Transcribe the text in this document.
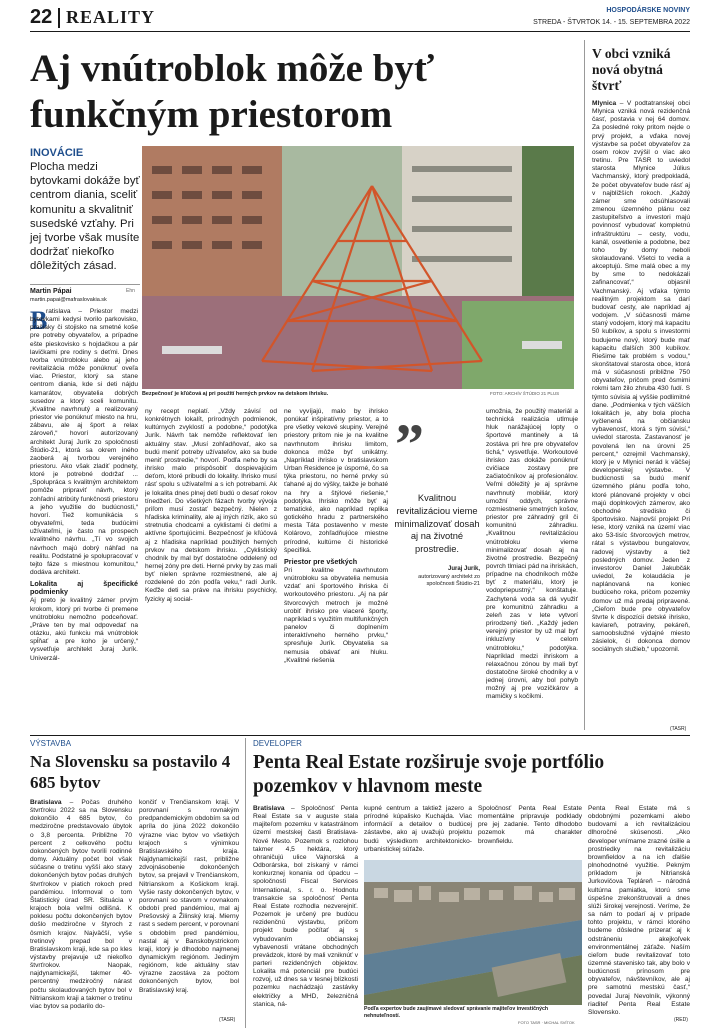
22 REALITY	HOSPODÁRSKE NOVINY
STREDA - ŠTVRTOK 14. - 15. SEPTEMBRA 2022
Aj vnútroblok môže byť funkčným priestorom
INOVÁCIE
Plocha medzi bytovkami dokáže byť centrom diania, sceliť komunitu a skvalitniť susedské vzťahy. Pri jej tvorbe však musíte dodržať niekoľko dôležitých zásad.
Martin Pápai	Ehn
martin.papai@mafraslovakia.sk
Bezpečnosť je kľúčová aj pri použití herných prvkov na detskom ihrisku.	FOTO: ARCHÍV ŠTÚDIO 21 PLUS
V obci vzniká nová obytná štvrť
Mlynica – V podtatranskej obci Mlynica vzniká nová rezidenčná časť, postavia v nej 64 domov. Za posledné roky pritom nejde o prvý projekt, a vďaka novej výstavbe sa počet obyvateľov za osem rokov zvýšil o viac ako tretinu. Pre TASR to uviedol starosta Mlynice Július Vachmanský, ktorý predpokladá, že počet obyvateľov bude rásť aj v najbližších rokoch. „Každý zámer sme odsúhlasovali zmenou územného plánu cez zastupiteľstvo a investori majú povinnosť vybudovať kompletnú infraštruktúru – cesty, vodu, kanál, osvetlenie a podobne, bez toho by domy neboli skolaudované. Všetci to vedia a akceptujú. Sme malá obec a my by sme to nedokázali zafinancovať,“ objasnil Vachmanský. Aj vďaka týmto realitným projektom sa darí budovať cesty, ale napríklad aj vodojem. „V súčasnosti máme staný vodojem, ktorý má kapacitu 50 kubíkov, a spolu s investormi budujeme nový, ktorý bude mať kapacitu ďalších 300 kubíkov. Riešime tak problém s vodou,“ skonštatoval starosta obce, ktorá má v súčasnosti približne 750 obyvateľov, pričom pred ôsmimi rokmi tam žilo zhruba 430 ľudí. S týmto súvisia aj vyššie podlimitné dane. „Podmienka v tých väčších lokalitách je, aby bola plocha vyčlenená na občiansku vybavenosť, ktorá s tým súvisí,“ uviedol starosta. Zastavanosť je povolená len na úrovni 25 percent,“ ozrejmil Vachmanský, ktorý je v Mlynici nerád k väčšej developerskej výstavbe. V budúcnosti sa budú meniť územného plánu podľa toho, ktoré plánované projekty v obci majú doplnkových zámerov, ako obchodné stredisko či športovisko. Najnovší projekt Pri lese, ktorý vzniká na území viac ako 53-tisíc štvorcových metrov, rátal s výstavbou bungalovov, radovej výstavby a tiež posledných domov. Jeden z investorov Daniel Jakubčák uviedol, že kolaudácia je naplánovaná na koniec budúceho roka, pričom pozemky domov už má predaj pripravené. „Cieľom bude pre obyvateľov štvrte k dispozícii detské ihrisko, kaviareň, potraviny, pekáreň, samoobslužné výdajné miesto zásielok, či dokonca domov sociálnych služieb,“ upozornil.
(TASR)
B
ratislava – Priestor medzi bytovkami kedysi tvorilo parkovisko, prašiaky či stojisko na smetné koše pre potreby obyvateľov, a prípadne ešte pieskovisko s hojdačkou a pár lavičkami pre rodiny s deťmi. Dnes tvorba vnútrobloku alebo aj jeho revitalizácia môže ponúknuť oveľa viac. Priestor, ktorý sa stane centrom diania, kde si deti nájdu kamarátov, obyvatelia dobrých susedov a ktorý sceli komunitu. „Kvalitne navrhnutý a realizovaný priestor vie ponúknuť miesto na hru, zábavu, ale aj šport a relax zároveň,“ hovorí autorizovaný architekt Juraj Jurík zo spoločnosti Štúdio-21, ktorá sa okrem iného zaoberá aj tvorbou verejného priestoru. Ako však zladiť podnety, ktoré je potrebné dodržať ... „Spolupráca s kvalitným architektom pomôže pripraviť návrh, ktorý zohľadní atribúty funkčnosti priestoru a jeho využitie do budúcnosti,“ hovorí. Tiež komunikácia s obyvateľmi, teda budúcimi užívateľmi, je často na prospech kvalitného návrhu. „Tí vo svojich návrhoch majú dobrý náhľad na realitu. Podstatné je spolupracovať v tejto fáze s miestnou komunitou,“ dodáva architekt.
Lokalita aj špecifické podmienky
Aj preto je kvalitný zámer prvým krokom, ktorý pri tvorbe či premene vnútrobloku nemožno podceňovať. „Práve ten by mal odpovedať na otázku, akú funkciu má vnútroblok spĺňať a pre koho je určený,“ vysvetľuje architekt Juraj Jurík. Univerzál-
ny recept neplatí. „Vždy závisí od konkrétnych lokalít, prírodných podmienok, kultúrnych zvyklostí a podobne,“ podotýka Jurík. Návrh tak nemôže reflektovať len aktuálny stav. „Musí zohľadňovať, ako sa budú meniť potreby užívateľov, ako sa bude meniť prostredie,“ hovorí. Podľa neho by sa ihrisko malo prispôsobiť dospievajúcim deťom, ktoré pribudli do lokality. Ihrisko musí rásť spolu s užívateľmi a s ich potrebami. Ak je lokalita dnes plnej detí budú o desať rokov tínedžeri. Do všetkých fázach tvorby vývoja priľom musí zostať bezpečný. Nielen z hľadiska kriminality, ale aj iných rizík, ako sú stretnutia chodcami a cyklistami či deťmi a aktívne športujúcimi. Bezpečnosť je kľúčová aj z hľadiska napríklad použitých herných prvkov na detskom ihrisku. „Cyklistický chodník by mal byť dostatočne oddelený od hernej zóny pre deti. Herné prvky by zas mali byť nielen správne rozmiestnené, ale aj rozdelené do zón podľa veku,“ radí Jurík. Keďže deti sa práve na ihrisku psychicky, fyzicky aj social-
ne vyvíjajú, malo by ihrisko ponúkať inšpiratívny priestor, a to pre všetky vekové skupiny. Verejné priestory pritom nie je na kvalitne navrhnutom ihrisku limitom, dokonca môže byť unikátny. „Napríklad ihrisko v bratislavskom Urban Residence je úsporné, čo sa týka priestoru, no herné prvky sú ťahané aj do výšky, takže je bohaté na hry a štýlové riešenie,“ podotýka. Ihrisko môže byť aj tematické, ako napríklad replika gotického hradu z partnerského mesta Táta postavenho v meste Kolárovo, zohľadňujúce miestne prírodné, kultúrne či historické špecifiká.
Priestor pre všetkých
Pri kvalitne navrhnutom vnútrobloku sa obyvatelia nemusia vzdať ani športového ihriska či workoutového priestoru. „Aj na pár štvorcových metroch je možné urobiť ihrisko pre viaceré športy, napríklad s využitím multifunkčných panelov či doplnením interaktívneho herného prvku,“ spresňuje Jurík. Obyvatelia sa nemusia obávať ani hluku. „Kvalitné riešenia
”
Kvalitnou revitalizáciou vieme minimalizovať dosah aj na životné prostredie.
Juraj Jurík,
autorizovaný architekt zo spoločnosti Štúdio-21
umožnia, že použitý materiál a technická realizácia utlmuje hluk narážajúcej lopty o športové mantinely a tá zostáva pri hre pre obyvateľov tichá,“ vysvetľuje. Workoutové ihrisko zas dokáže ponúknuť cvičiace zostavy pre začiatočníkov aj profesionálov. Veľmi dôležitý je aj správne navrhnutý mobiliár, ktorý umožní oddych, správne rozmiestnenie smetných košov, priestor pre záhradný gril či komunitnú záhradku. „Kvalitnou revitalizáciou vnútrobloku vieme minimalizovať dosah aj na životné prostredie. Bezpečný povrch tlmiaci pád na ihriskách, prípadne na chodníkoch môže byť z materiálu, ktorý je vodopriepustný,“ konštatuje. Zachytená voda sa dá využiť pre komunitnú záhradku a zeleň zas v lete vytvorí prirodzený tieň. „Každý jeden verejný priestor by už mal byť inkluzívny v celom vnútrobloku,“ podotýka. Napríklad medzi ihriskom a relaxačnou zónou by mali byť dostatočne široké chodníky a v jednej úrovni, aby bol pohyb možný aj pre vozíčkárov a mamičky s kočíkmi.
VÝSTAVBA
Na Slovensku sa postavilo 4 685 bytov
Bratislava – Počas druhého štvrťroku 2022 sa na Slovensku dokončilo 4 685 bytov, čo medziročne predstavovalo úbytok o 3,8 percenta. Približne 70 percent z celkového počtu dokončených bytov tvorili rodinné domy. Aktuálny počet bol však súčasne o tretinu vyšší ako stavy dokončených bytov počas druhých štvrťrokov v piatich rokoch pred pandémiou. Informoval o tom Štatistický úrad SR. Situácia v krajoch bola veľmi odlišná. K poklesu počtu dokončených bytov došlo medziročne v štyroch z ôsmich krajov. Najväčší, vyše tretinový prepad bol v Bratislavskom kraji, kde sa po kles výstavby prejavuje už niekoľko štvrťrokov. Naopak, najdynamickejší, takmer 40-percentný medziročný nárast počtu skolaudovaných bytov bol v Nitrianskom kraji a takmer o tretinu viac bytov sa podarilo do-
končiť v Trenčianskom kraji. V porovnaní s rovnakým predpandemickým obdobím sa od apríla do júna 2022 dokončilo výrazne viac bytov vo všetkých krajoch s výnimkou Bratislavského kraja. Najdynamickejší rast, približne zdvojnásobenie dokončených bytov, sa prejavil v Trenčianskom, Nitrianskom a Košickom kraji. Vyšie rasty dokončených bytov, v porovnaní so stavom v rovnakom období pred pandémiou, mal aj Prešovský a Žilinský kraj. Mierny rast s sedem percent, v porovnaní s obdobím pred pandémiou, nastal aj v Banskobystrickom kraji, ktorý je dlhodobo najmenej dynamickým regiónom. Jediným regiónom, kde aktuálny stav výrazne zaostáva za počtom dokončených bytov, bol Bratislavský kraj.
(TASR)
DEVELOPER
Penta Real Estate rozširuje svoje portfólio pozemkov v hlavnom meste
Bratislava – Spoločnosť Penta Real Estate sa v auguste stala majiteľom pozemku v katastrálnom území mestskej časti Bratislava-Nové Mesto. Pozemok s rozlohou takmer 4,5 hektára, ktorý ohraničujú ulice Vajnorská a Odborárska, bol získaný v rámci konkurznej konania od úpadcu – spoločnosti Fiscal Services International, s. r. o. Hodnotu transakcie sa spoločnosť Penta Real Estate rozhodla nezverejniť. Pozemok je určený pre budúcu rezidenčnú výstavbu, pričom projekt bude počítať aj s vybudovaním občianskej vybavenosti vrátane obchodných prevádzok, ktoré by mali vzniknúť v parteri rezidenčných objektov. Lokalita má potenciál pre budúci rozvoj, už dnes sa v tesnej blízkosti pozemku nachádzajú zastávky električky a MHD, železničná stanica, ná-
kupné centrum a taktiež jazero a prírodné kúpalisko Kuchajda. Viac informácií a detailov o budúcej zástavbe, ako aj uvažujú projektu budú výsledkom architektonicko-urbanistickej súťaže.
Spoločnosť Penta Real Estate momentálne pripravuje podklady pre jej zadanie. Tento dlhodobo pozemok má charakter brownfieldu.
Podľa expertov bude zaujímavé sledovať správanie majiteľov investičných nehnuteľností.
FOTO TASR · MICHAL SVÍTOK
Penta Real Estate má s obdobnými pozemkami alebo budovami a ich revitalizáciou dlhoročné skúsenosti. „Ako developer vnímame zrazné úsilie a prostriedky na revitalizáciu brownfieldov a na ich ďalšie plnohodnotné využitie. Pekným príkladom je Nitrianská Jurkovičova Tepláreň – národná kultúrna pamiatka, ktorú sme úspešne zrekonštruovali a dnes slúži širokej verejnosti. Veríme, že sa nám to podarí aj v prípade tohto projektu, v rámci ktorého budeme dôsledne prizerať aj k odstráneniu akejkoľvek environmentálnej záťaže. Naším cieľom bude revitalizovať toto územné stavenisko tak, aby bolo v budúcnosti prínosom pre obyvateľov, návštevníkov, ale aj pre samotnú mestskú časť,“ povedal Juraj Nevolník, výkonný riaditeľ Penta Real Estate Slovensko.
(RED)
